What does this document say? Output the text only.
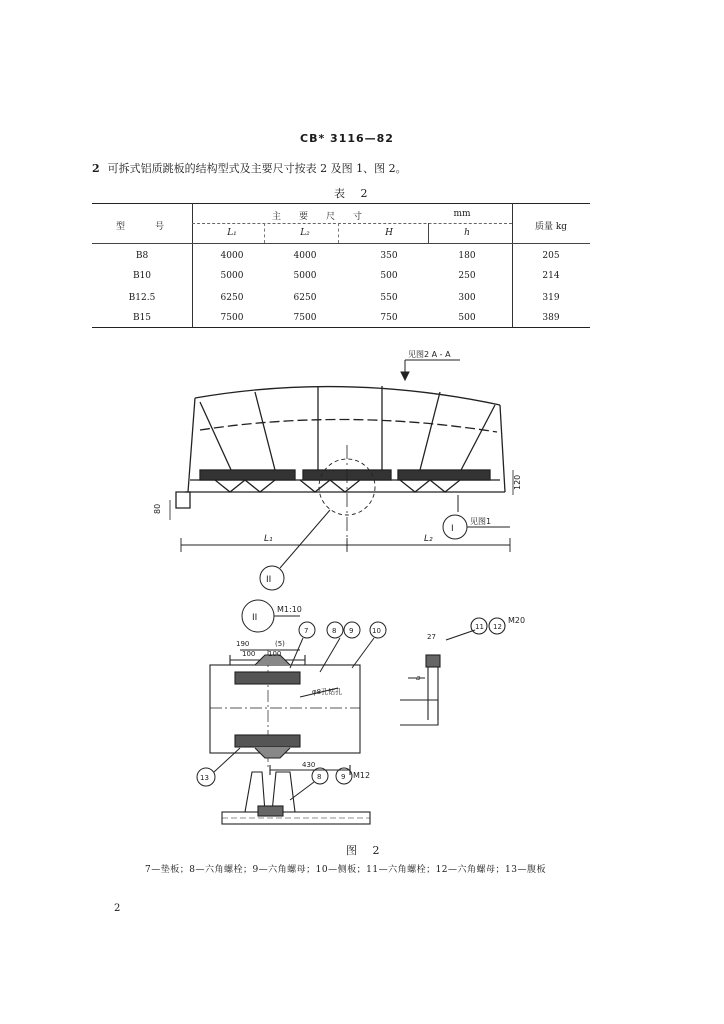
CB* 3116—82
2 可拆式铝质跳板的结构型式及主要尺寸按表 2 及图 1、图 2。
表 2
型　　号
主　　要　　尺　　寸	mm
质量 kg
L₁	L₂	H	h
B8	4000	4000	350	180	205
B10	5000	5000	500	250	214
B12.5	6250	6250	550	300	319
B15	7500	7500	750	500	389
见图2 A - A
80
120
I
见图1
L₁	L₂
II
II
M1:10
190	(5)
100 100
φ8孔钻孔
430
7	8 9	10
13	8	9 M12
27
a
11 12
M20
图 2
7—垫板；8—六角螺栓；9—六角螺母；10—侧板；11—六角螺栓；12—六角螺母；13—腹板
2
